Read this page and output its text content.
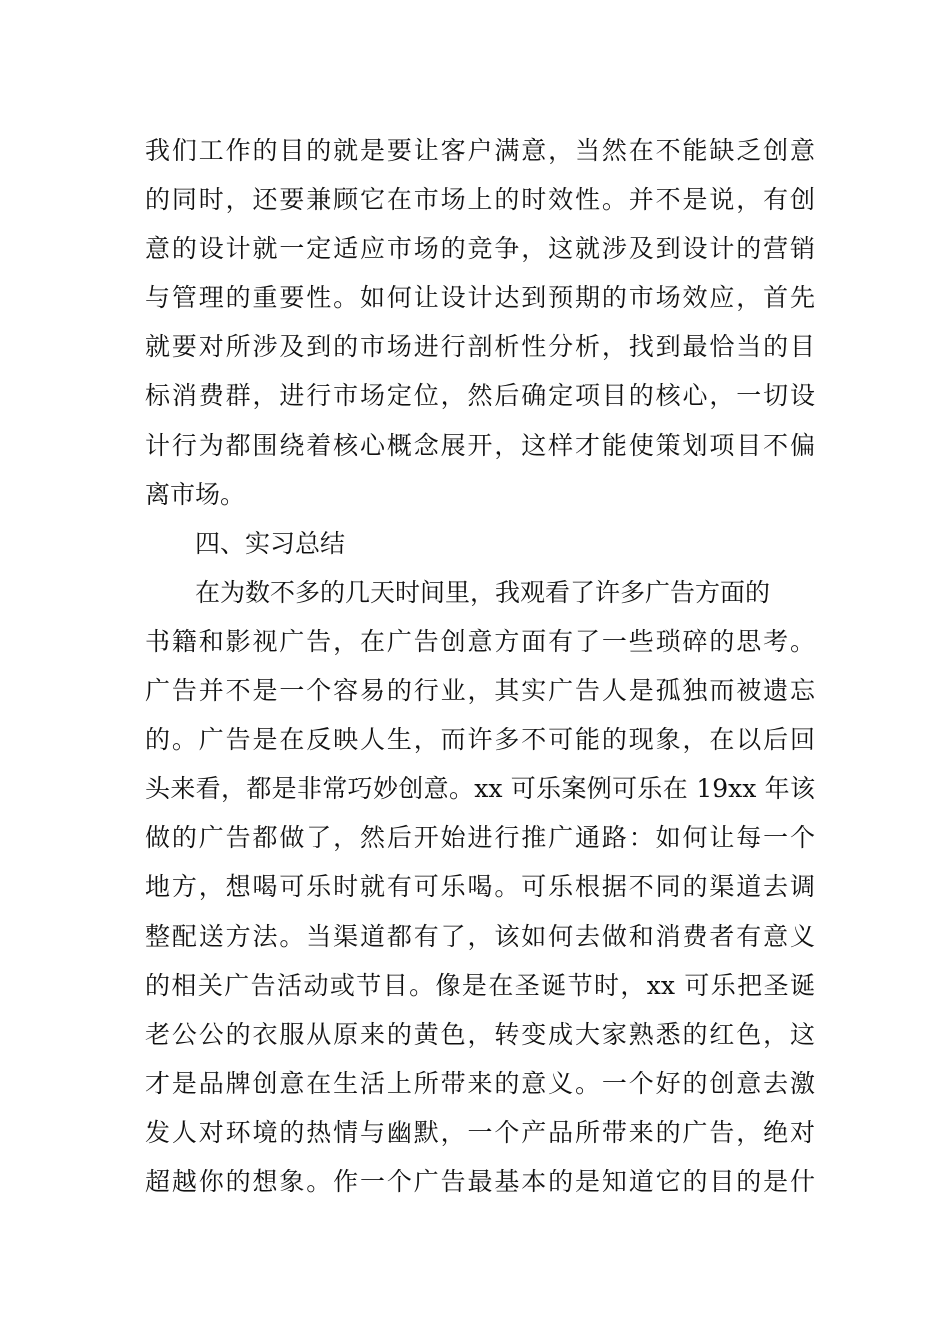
我们工作的目的就是要让客户满意，当然在不能缺乏创意
的同时，还要兼顾它在市场上的时效性。并不是说，有创
意的设计就一定适应市场的竞争，这就涉及到设计的营销
与管理的重要性。如何让设计达到预期的市场效应，首先
就要对所涉及到的市场进行剖析性分析，找到最恰当的目
标消费群，进行市场定位，然后确定项目的核心，一切设
计行为都围绕着核心概念展开，这样才能使策划项目不偏
离市场。
四、实习总结
在为数不多的几天时间里，我观看了许多广告方面的
书籍和影视广告，在广告创意方面有了一些琐碎的思考。
广告并不是一个容易的行业，其实广告人是孤独而被遗忘
的。广告是在反映人生，而许多不可能的现象，在以后回
头来看，都是非常巧妙创意。xx 可乐案例可乐在 19xx 年该
做的广告都做了，然后开始进行推广通路：如何让每一个
地方，想喝可乐时就有可乐喝。可乐根据不同的渠道去调
整配送方法。当渠道都有了，该如何去做和消费者有意义
的相关广告活动或节目。像是在圣诞节时，xx 可乐把圣诞
老公公的衣服从原来的黄色，转变成大家熟悉的红色，这
才是品牌创意在生活上所带来的意义。一个好的创意去激
发人对环境的热情与幽默，一个产品所带来的广告，绝对
超越你的想象。作一个广告最基本的是知道它的目的是什
